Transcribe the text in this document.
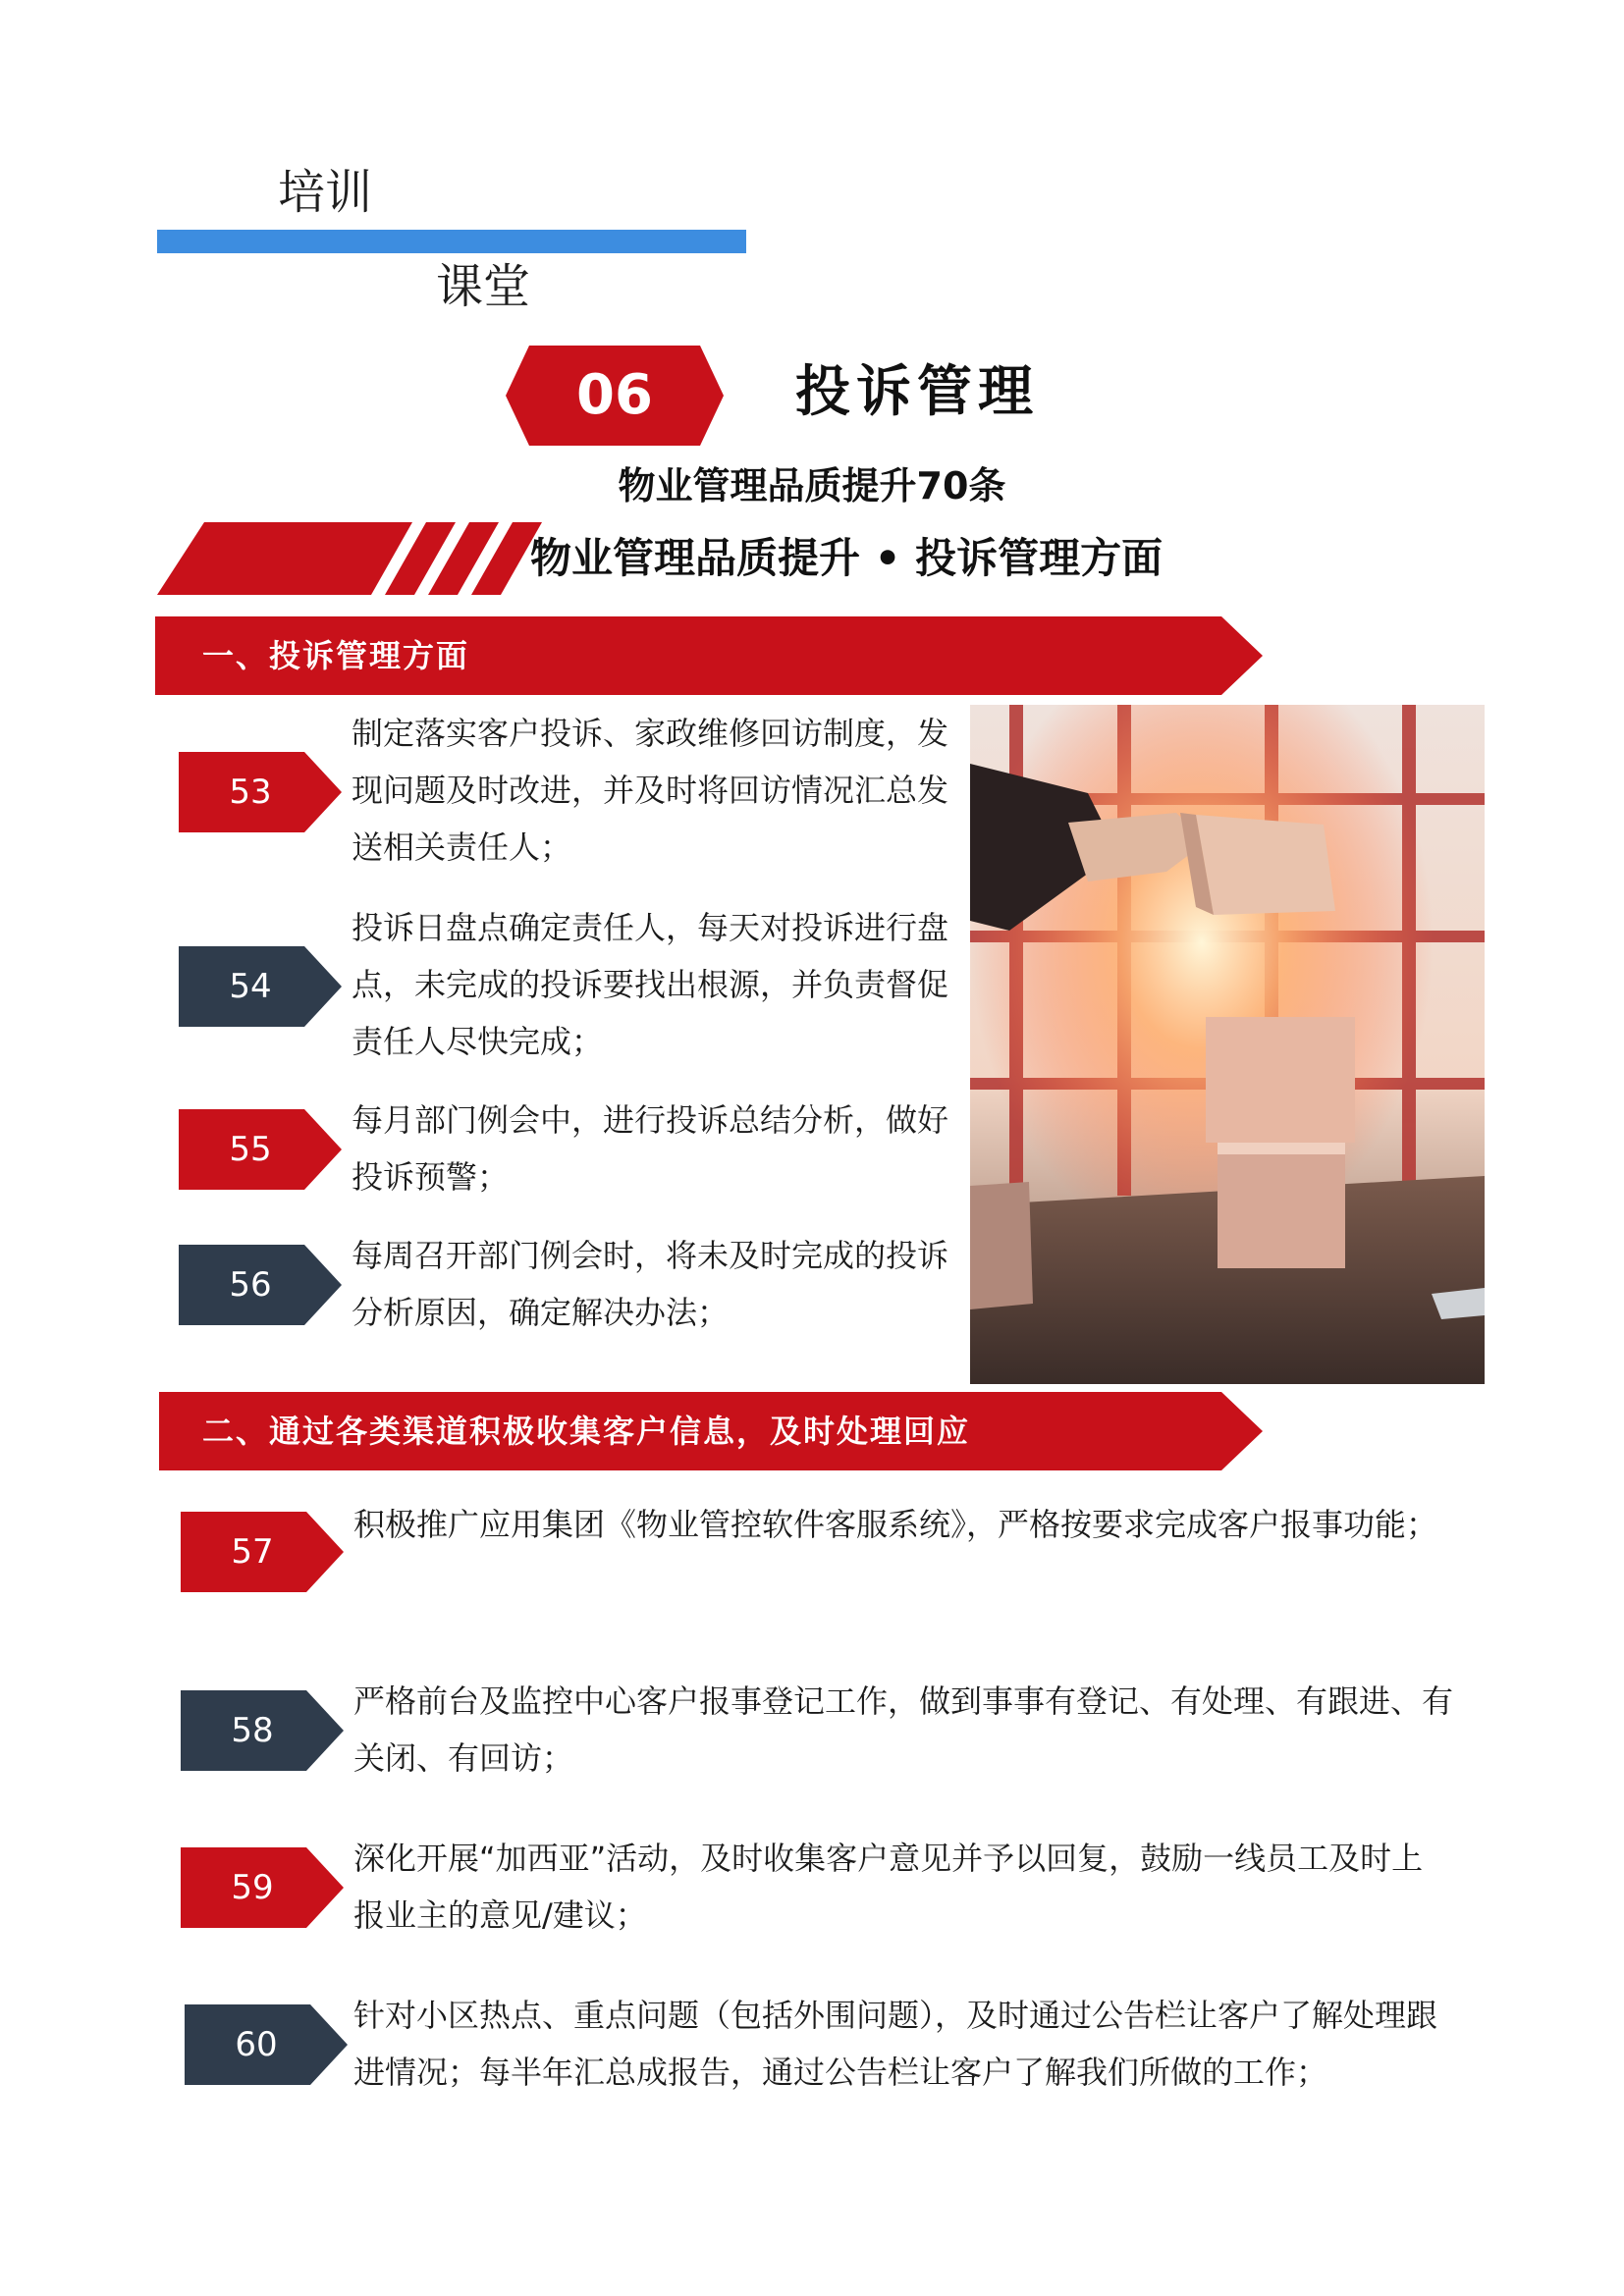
培训
课堂
06	投诉管理
物业管理品质提升70条
物业管理品质提升 • 投诉管理方面
一、投诉管理方面
53
制定落实客户投诉、家政维修回访制度，发现问题及时改进，并及时将回访情况汇总发送相关责任人；
54
投诉日盘点确定责任人，每天对投诉进行盘点，未完成的投诉要找出根源，并负责督促责任人尽快完成；
55
每月部门例会中，进行投诉总结分析，做好投诉预警；
56
每周召开部门例会时，将未及时完成的投诉分析原因，确定解决办法；
二、通过各类渠道积极收集客户信息，及时处理回应
57
积极推广应用集团《物业管控软件客服系统》，严格按要求完成客户报事功能；
58
严格前台及监控中心客户报事登记工作，做到事事有登记、有处理、有跟进、有关闭、有回访；
59
深化开展“加西亚”活动，及时收集客户意见并予以回复，鼓励一线员工及时上报业主的意见/建议；
60
针对小区热点、重点问题（包括外围问题），及时通过公告栏让客户了解处理跟进情况；每半年汇总成报告，通过公告栏让客户了解我们所做的工作；
